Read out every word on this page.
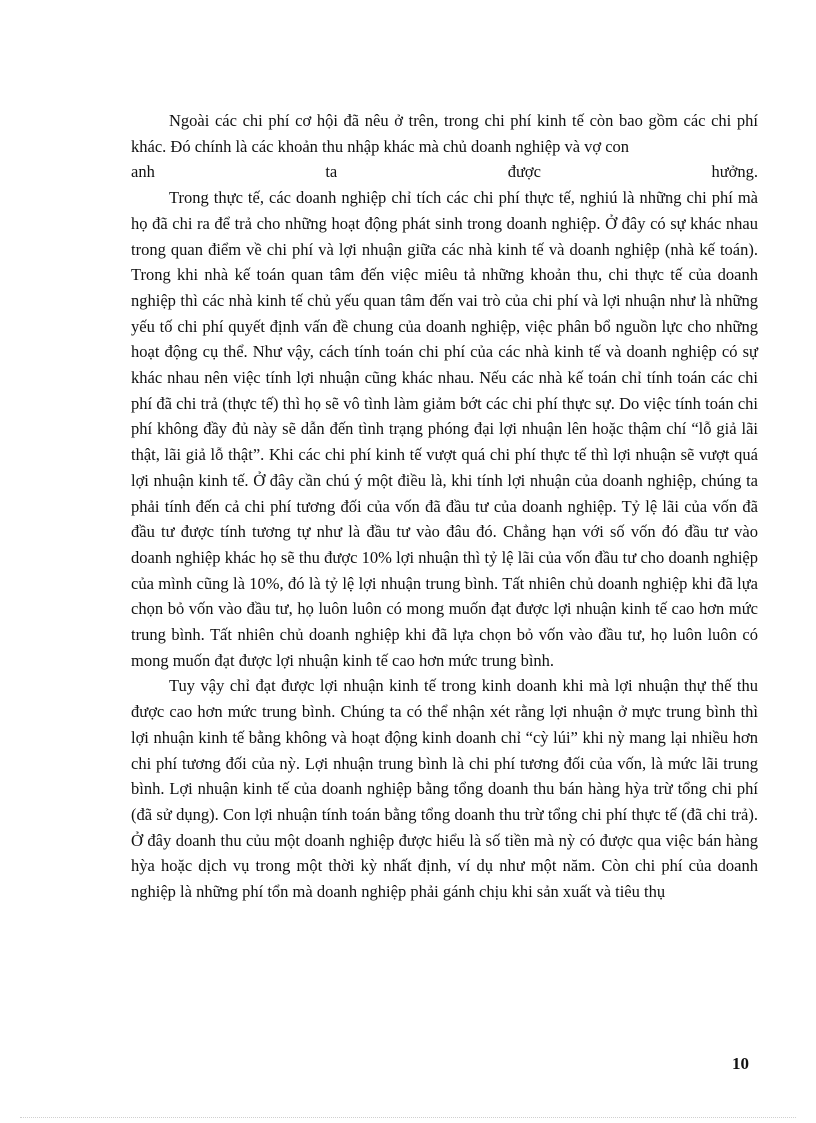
Ngoài các chi phí cơ hội đã nêu ở trên, trong chi phí kinh tế còn bao gồm các chi phí khác. Đó chính là các khoản thu nhập khác mà chủ doanh nghiệp và vợ con

anh	ta	được	hưởng.

Trong thực tế, các doanh nghiệp chỉ tích các chi phí thực tế, nghiú là những chi phí mà họ đã chi ra để trả cho những hoạt động phát sinh trong doanh nghiệp. Ở đây có sự khác nhau trong quan điểm về chi phí và lợi nhuận giữa các nhà kinh tế và doanh nghiệp (nhà kế toán). Trong khi nhà kế toán quan tâm đến việc miêu tả những khoản thu, chi thực tế của doanh nghiệp thì các nhà kinh tế chủ yếu quan tâm đến vai trò của chi phí và lợi nhuận như là những yếu tố chi phí quyết định vấn đề chung của doanh nghiệp, việc phân bổ nguồn lực cho những hoạt động cụ thể. Như vậy, cách tính toán chi phí của các nhà kinh tế và doanh nghiệp có sự khác nhau nên việc tính lợi nhuận cũng khác nhau. Nếu các nhà kế toán chỉ tính toán các chi phí đã chi trả (thực tế) thì họ sẽ vô tình làm giảm bớt các chi phí thực sự. Do việc tính toán chi phí không đầy đủ này sẽ dẫn đến tình trạng phóng đại lợi nhuận lên hoặc thậm chí “lỗ giả lãi thật, lãi giả lỗ thật”. Khi các chi phí kinh tế vượt quá chi phí thực tế thì lợi nhuận sẽ vượt quá lợi nhuận kinh tế. Ở đây cần chú ý một điều là, khi tính lợi nhuận của doanh nghiệp, chúng ta phải tính đến cả chi phí tương đối của vốn đã đầu tư của doanh nghiệp. Tỷ lệ lãi của vốn đã đầu tư được tính tương tự như là đầu tư vào đâu đó. Chẳng hạn với số vốn đó đầu tư vào doanh nghiệp khác họ sẽ thu được 10% lợi nhuận thì tỷ lệ lãi của vốn đầu tư cho doanh nghiệp của mình cũng là 10%, đó là tỷ lệ lợi nhuận trung bình. Tất nhiên chủ doanh nghiệp khi đã lựa chọn bỏ vốn vào đầu tư, họ luôn luôn có mong muốn đạt được lợi nhuận kinh tế cao hơn mức trung bình. Tất nhiên chủ doanh nghiệp khi đã lựa chọn bỏ vốn vào đầu tư, họ luôn luôn có mong muốn đạt được lợi nhuận kinh tế cao hơn mức trung bình.

Tuy vậy chỉ đạt được lợi nhuận kinh tế trong kinh doanh khi mà lợi nhuận thự thế thu được cao hơn mức trung bình. Chúng ta có thể nhận xét rằng lợi nhuận ở mực trung bình thì lợi nhuận kinh tế bằng không và hoạt động kinh doanh chỉ “cỳ lúi” khi nỳ mang lại nhiều hơn chi phí tương đối của nỳ. Lợi nhuận trung bình là chi phí tương đối của vốn, là mức lãi trung bình. Lợi nhuận kinh tế của doanh nghiệp bằng tổng doanh thu bán hàng hỳa trừ tổng chi phí (đã sử dụng). Con lợi nhuận tính toán bằng tổng doanh thu trừ tổng chi phí thực tế (đã chi trả). Ở đây doanh thu củu một doanh nghiệp được hiểu là số tiền mà nỳ có được qua việc bán hàng hỳa hoặc dịch vụ trong một thời kỳ nhất định, ví dụ như một năm. Còn chi phí của doanh nghiệp là những phí tổn mà doanh nghiệp phải gánh chịu khi sản xuất và tiêu thụ

10
